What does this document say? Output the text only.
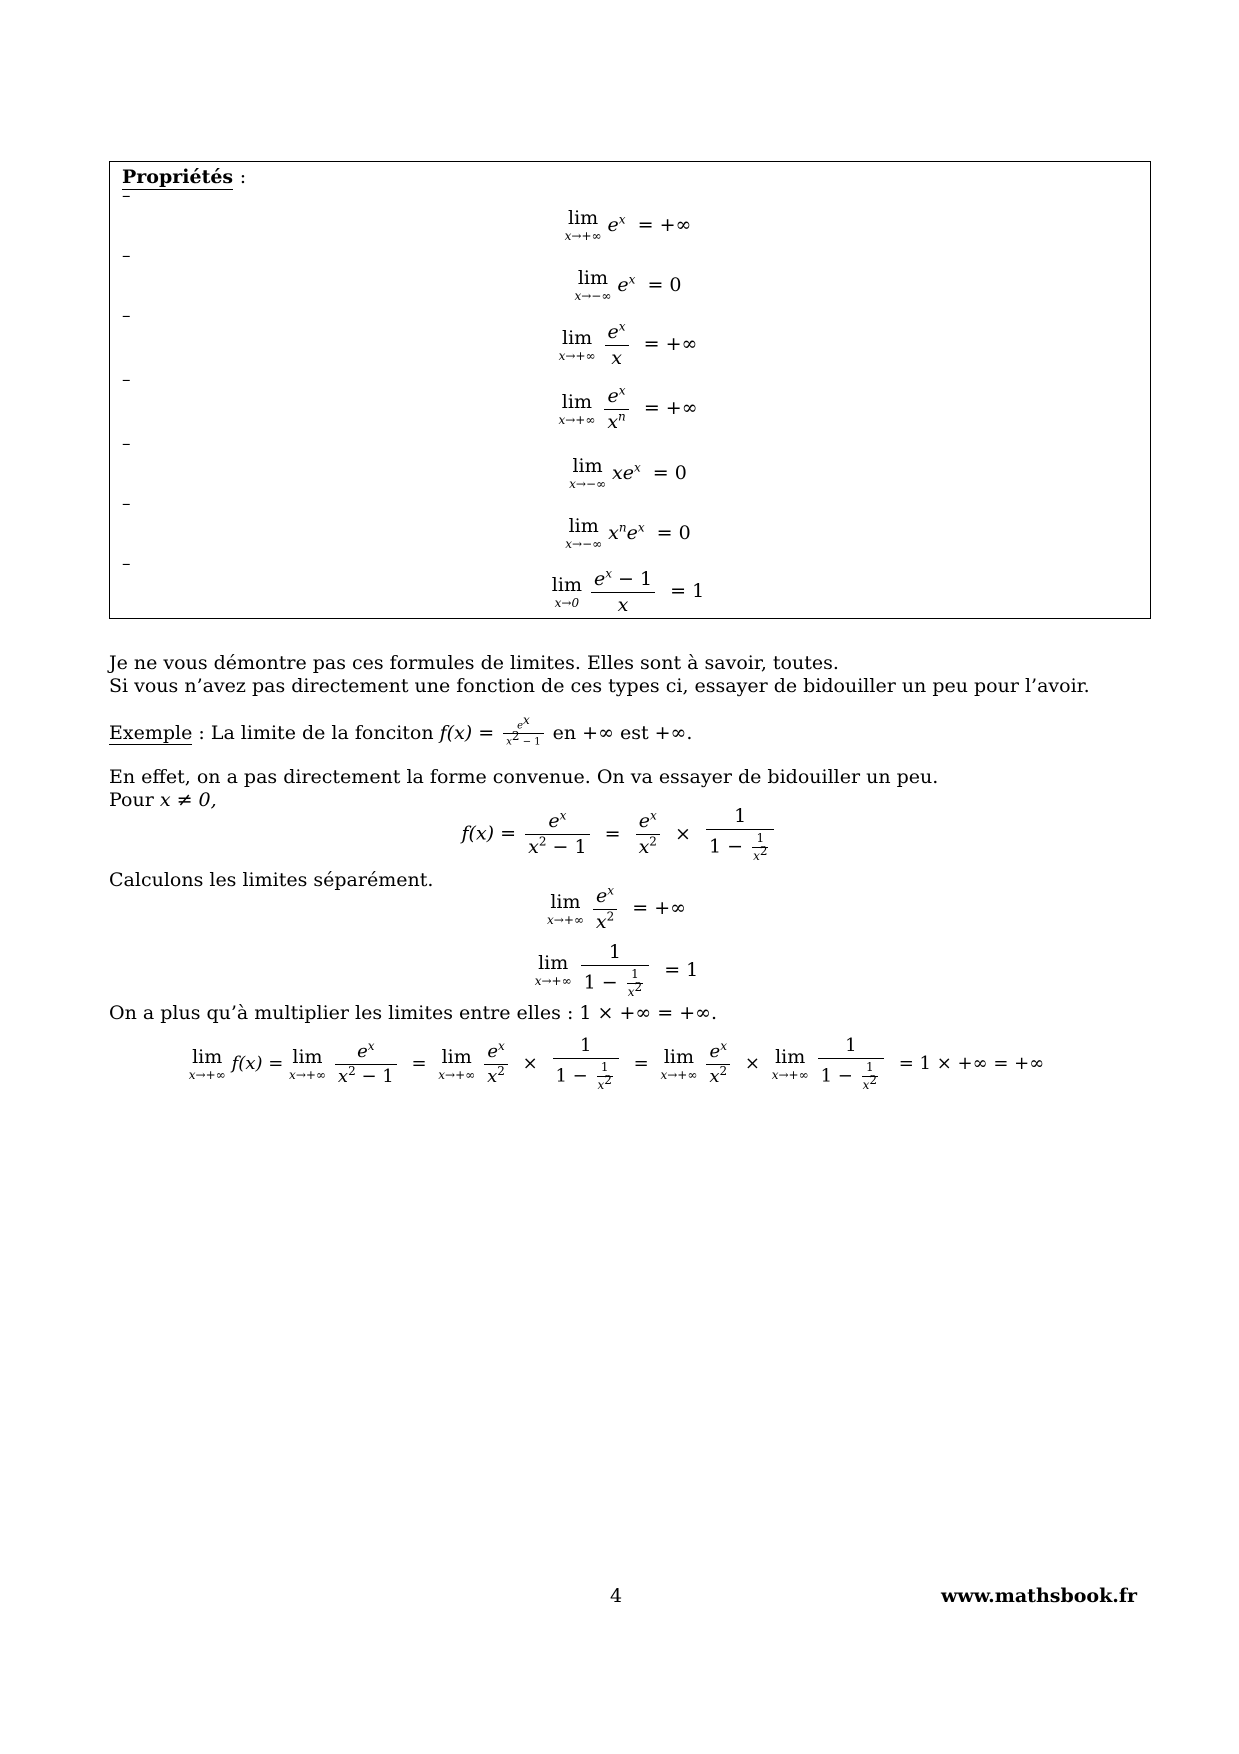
Propriétés :
–
lim
x→+∞
$e^x$ = +∞
–
lim
x→−∞
$e^x = 0$
–
lim
$x\to+\infty \frac{e^x}{x}$ = +∞
–
lim
$x\to+\infty \frac{e^x}{x^n}$ = +∞
–
lim
x→−∞
$xe^x = 0$
–
lim
x→−∞
$x^ne^x = 0$
–
lim
$x\to 0 \frac{e^x - 1}{x} = 1$
Je ne vous démontre pas ces formules de limites. Elles sont à savoir, toutes.
Si vous n’avez pas directement une fonction de ces types ci, essayer de bidouiller un peu pour l’avoir.
Exemple : La limite de la fonciton $f(x) = \frac{e^x}{x^2 - 1}$ en +∞ est +∞.
En effet, on a pas directement la forme convenue. On va essayer de bidouiller un peu.
Pour x ≠ 0,
$f(x) = \frac{e^x}{x^2 - 1} = \frac{e^x}{x^2} \times \frac{1}{1 - \frac{1}{x^2}}$
Calculons les limites séparément.
lim
$x\to+\infty \frac{e^x}{x^2}$ = +∞
lim
$x\to+\infty \frac{1}{1 - \frac{1}{x^2}} = 1$
On a plus qu’à multiplier les limites entre elles : 1 × +∞ = +∞.
lim
x→+∞
f(x) = lim
$x\to+\infty \frac{e^x}{x^2 - 1} = \lim$
$x\to+\infty \frac{e^x}{x^2} \times \frac{1}{1 - \frac{1}{x^2}} = \lim$
$x\to+\infty \frac{e^x}{x^2} \times \lim$
$x\to+\infty \frac{1}{1 - \frac{1}{x^2}} = 1$ × +∞ = +∞
4	www.mathsbook.fr
